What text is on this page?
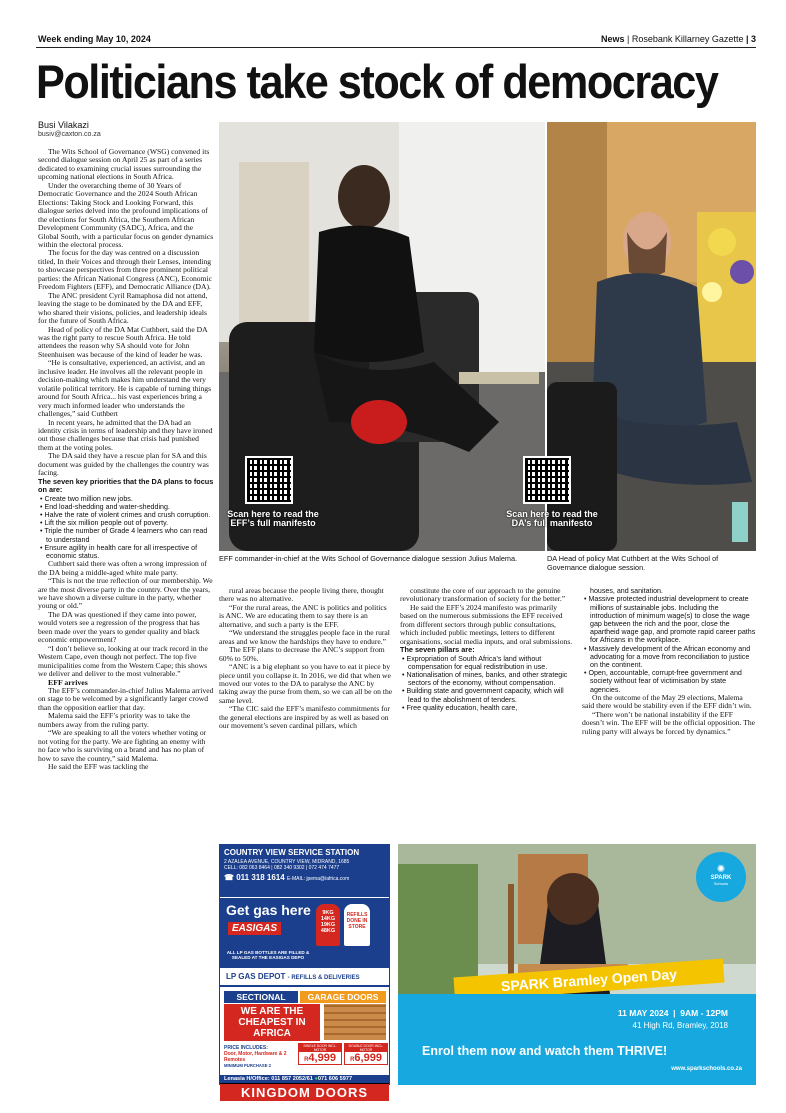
Week ending May 10, 2024	News | Rosebank Killarney Gazette | 3
Politicians take stock of democracy
Busi Vilakazi
busiv@caxton.co.za

The Wits School of Governance (WSG) convened its second dialogue session on April 25 as part of a series dedicated to examining crucial issues surrounding the upcoming national elections in South Africa.

Under the overarching theme of 30 Years of Democratic Governance and the 2024 South African Elections: Taking Stock and Looking Forward, this dialogue series delved into the profound implications of the elections for South Africa, the Southern African Development Community (SADC), Africa, and the Global South, with a particular focus on gender dynamics within the electoral process.

The focus for the day was centred on a discussion titled, In their Voices and through their Lenses, intending to showcase perspectives from three prominent political parties: the African National Congress (ANC), Economic Freedom Fighters (EFF), and Democratic Alliance (DA).

The ANC president Cyril Ramaphosa did not attend, leaving the stage to be dominated by the DA and EFF, who shared their visions, policies, and leadership ideals for the future of South Africa.

Head of policy of the DA Mat Cuthbert, said the DA was the right party to rescue South Africa. He told attendees the reason why SA should vote for John Steenhuisen was because of the kind of leader he was.

“He is consultative, experienced, an activist, and an inclusive leader. He involves all the relevant people in decision-making which makes him understand the very volatile political territory. He is capable of turning things around for South Africa... his vast experiences bring a very much informed leader who understands the challenges,” said Cuthbert

In recent years, he admitted that the DA had an identity crisis in terms of leadership and they have ironed out those challenges because that crisis had punished them at the voting poles.

The DA said they have a rescue plan for SA and this document was guided by the challenges the country was facing.

The seven key priorities that the DA plans to focus on are:

• Create two million new jobs.

• End load-shedding and water-shedding.

• Halve the rate of violent crimes and crush corruption.

• Lift the six million people out of poverty.

• Triple the number of Grade 4 learners who can read to understand

• Ensure agility in health care for all irrespective of economic status.

Cuthbert said there was often a wrong impression of the DA being a middle-aged white male party.

“This is not the true reflection of our membership. We are the most diverse party in the country. Over the years, we have shown a diverse culture in the party, whether young or old.”

The DA was questioned if they came into power, would voters see a regression of the progress that has been made over the years to gender quality and black economic empowerment?

“I don’t believe so, looking at our track record in the Western Cape, even though not perfect. The top five municipalities come from the Western Cape; this shows we deliver and deliver to the most vulnerable.”

EFF arrives

The EFF’s commander-in-chief Julius Malema arrived on stage to be welcomed by a significantly larger crowd than the opposition earlier that day.

Malema said the EFF’s priority was to take the numbers away from the ruling party.

“We are speaking to all the voters whether voting or not voting for the party. We are fighting an enemy with no face who is surviving on a brand and has no plan of how to save the country,” said Malema.

He said the EFF was tackling the

Scan here to read the EFF’s full manifesto
EFF commander-in-chief at the Wits School of Governance dialogue session Julius Malema.
Scan here to read the DA’s full manifesto
DA Head of policy Mat Cuthbert at the Wits School of Governance dialogue session.

rural areas because the people living there, thought there was no alternative.

“For the rural areas, the ANC is politics and politics is ANC. We are educating them to say there is an alternative, and such a party is the EFF.

“We understand the struggles people face in the rural areas and we know the hardships they have to endure.”

The EFF plans to decrease the ANC’s support from 60% to 50%.

“ANC is a big elephant so you have to eat it piece by piece until you collapse it. In 2016, we did that when we moved our votes to the DA to paralyse the ANC by taking away the purse from them, so we can all be on the same level.

“The CIC said the EFF’s manifesto commitments for the general elections are inspired by as well as based on our movement’s seven cardinal pillars, which

constitute the core of our approach to the genuine revolutionary transformation of society for the better.”

He said the EFF’s 2024 manifesto was primarily based on the numerous submissions the EFF received from different sectors through public consultations, which included public meetings, letters to different organisations, social media inputs, and oral submissions.

The seven pillars are:

• Expropriation of South Africa’s land without compensation for equal redistribution in use.

• Nationalisation of mines, banks, and other strategic sectors of the economy, without compensation.

• Building state and government capacity, which will lead to the abolishment of tenders.

• Free quality education, health care,

houses, and sanitation.

• Massive protected industrial development to create millions of sustainable jobs. Including the introduction of minimum wage(s) to close the wage gap between the rich and the poor, close the apartheid wage gap, and promote rapid career paths for Africans in the workplace.

• Massively development of the African economy and advocating for a move from reconciliation to justice on the continent.

• Open, accountable, corrupt-free government and society without fear of victimisation by state agencies.

On the outcome of the May 29 elections, Malema said there would be stability even if the EFF didn’t win.

“There won’t be national instability if the EFF doesn’t win. The EFF will be the official opposition. The ruling party will always be forced by dynamics.”

COUNTRY VIEW SERVICE STATION
2 AZALEA AVENUE, COUNTRY VIEW, MIDRAND, 1685
CELL: 082 063 8464 | 082 340 9302 | 072 474 7477
☎ 011 318 1614 E-MAIL: jpema@iafrica.com
Get gas here
EASIGAS
9KG 14KG 19KG 48KG
REFILLS DONE IN STORE
ALL LP GAS BOTTLES ARE FILLED & SEALED AT THE EASIGAS DEPO
LP GAS DEPOT - REFILLS & DELIVERIES
SECTIONAL	GARAGE DOORS
WE ARE THE CHEAPEST IN AFRICA
PRICE INCLUDES:
Door, Motor, Hardware & 2 Remotes
MINIMUM PURCHASE 2
SINGLE DOOR INCL. MOTOR
R4,999
DOUBLE DOOR INCL. MOTOR
R6,999
Lenasia H/Office: 011 857 2052/61 ●071 606 5977
KINGDOM DOORS
✺
SPARK
Schools
SPARK Bramley Open Day
11 MAY 2024  |  9AM - 12PM
41 High Rd, Bramley, 2018
Enrol them now and watch them THRIVE!
www.sparkschools.co.za
